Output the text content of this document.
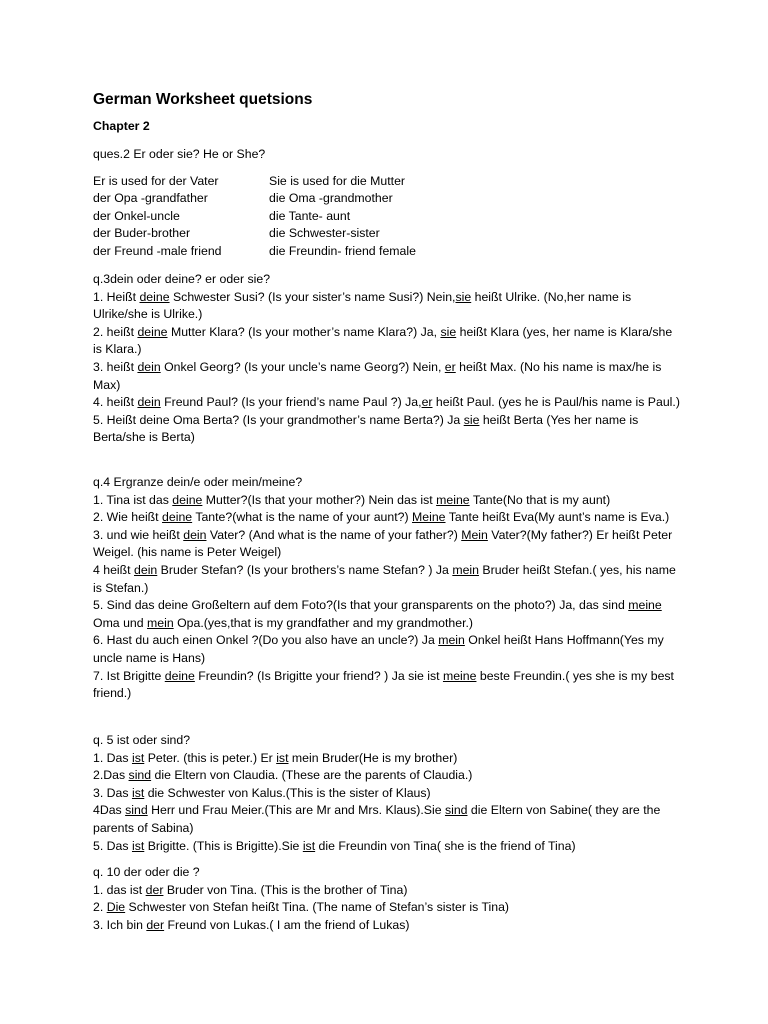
German Worksheet quetsions
Chapter 2
ques.2 Er oder sie? He or She?
Er is used for der Vater	Sie is used for die Mutter
der Opa -grandfather	die Oma -grandmother
der Onkel-uncle	die Tante- aunt
der Buder-brother	die Schwester-sister
der Freund -male friend	die Freundin- friend female
q.3dein oder deine? er oder sie?
1. Heißt deine Schwester Susi? (Is your sister’s name Susi?) Nein,sie heißt Ulrike. (No,her name is Ulrike/she is Ulrike.)
2. heißt deine Mutter Klara? (Is your mother’s name Klara?) Ja, sie heißt Klara (yes, her name is Klara/she is Klara.)
3. heißt dein Onkel Georg? (Is your uncle’s name Georg?) Nein, er heißt Max. (No his name is max/he is Max)
4. heißt dein Freund Paul? (Is your friend’s name Paul ?) Ja,er heißt Paul. (yes he is Paul/his name is Paul.)
5. Heißt deine Oma Berta? (Is your grandmother’s name Berta?) Ja sie heißt Berta (Yes her name is Berta/she is Berta)
q.4 Ergranze dein/e oder mein/meine?
1. Tina ist das deine Mutter?(Is that your mother?) Nein das ist meine Tante(No that is my aunt)
2. Wie heißt deine Tante?(what is the name of your aunt?) Meine Tante heißt Eva(My aunt’s name is Eva.)
3. und wie heißt dein Vater? (And what is the name of your father?) Mein Vater?(My father?) Er heißt Peter Weigel. (his name is Peter Weigel)
4 heißt dein Bruder Stefan? (Is your brothers’s name Stefan? ) Ja mein Bruder heißt Stefan.( yes, his name is Stefan.)
5. Sind das deine Großeltern auf dem Foto?(Is that your gransparents on the photo?) Ja, das sind meine Oma und mein Opa.(yes,that is my grandfather and my grandmother.)
6. Hast du auch einen Onkel ?(Do you also have an uncle?) Ja mein Onkel heißt Hans Hoffmann(Yes my uncle name is Hans)
7. Ist Brigitte deine Freundin? (Is Brigitte your friend? ) Ja sie ist meine beste Freundin.( yes she is my best friend.)
q. 5 ist oder sind?
1. Das ist Peter. (this is peter.) Er ist mein Bruder(He is my brother)
2.Das sind die Eltern von Claudia. (These are the parents of Claudia.)
3. Das ist die Schwester von Kalus.(This is the sister of Klaus)
4Das sind Herr und Frau Meier.(This are Mr and Mrs. Klaus).Sie sind die Eltern von Sabine( they are the parents of Sabina)
5. Das ist Brigitte. (This is Brigitte).Sie ist die Freundin von Tina( she is the friend of Tina)
q. 10 der oder die ?
1. das ist der Bruder von Tina. (This is the brother of Tina)
2. Die Schwester von Stefan heißt Tina. (The name of Stefan’s sister is Tina)
3. Ich bin der Freund von Lukas.( I am the friend of Lukas)
